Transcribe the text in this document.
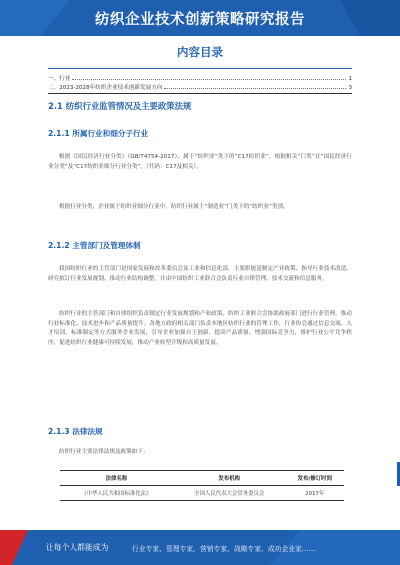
纺织企业技术创新策略研究报告
内容目录
一、行业	1
二、2023-2028年纺织企业技术创新发展方向	3
2.1 纺织行业监管情况及主要政策法规
2.1.1 所属行业和细分子行业
根据《国民经济行业分类》（GB/T4754-2017），属于“纺织业”类下的“C17纺织业”，根据相关“门类”在“国民经济行业分类”及“C17纺织业细分行业分类”，（代码：C17及相关）。
根据行业分类，企业属于纺织业细分行业中，纺织行业属于“制造业”门类下的“纺织业”类别。
2.1.2 主管部门及管理体制
我国纺织行业的主管部门是国家发展和改革委员会及工业和信息化部，主要职能是制定产业政策、指导行业技术改造、研究拟订行业发展规划、推动行业结构调整，并由中国纺织工业联合会负责行业自律管理、技术交流和信息服务。
纺织行业的主管部门和自律组织负责制定行业发展规划和产业政策，纺织工业联合会协助政府部门进行行业管理，推动行业标准化、技术进步和产品质量提升；各地方政府相关部门负责本地区纺织行业的管理工作，行业协会通过信息交流、人才培训、标准制定等方式服务企业发展，引导企业加强自主创新、提高产品质量、增强国际竞争力，维护行业公平竞争秩序，促进纺织行业健康可持续发展，推动产业转型升级和高质量发展。
2.1.3 法律法规
纺织行业主要法律法规及政策如下：
法律名称	发布机构	发布/修订时间
《中华人民共和国标准化法》	全国人民代表大会常务委员会	2017年
让每个人都能成为	行业专家、管理专家、营销专家、战略专家、成功企业家……
